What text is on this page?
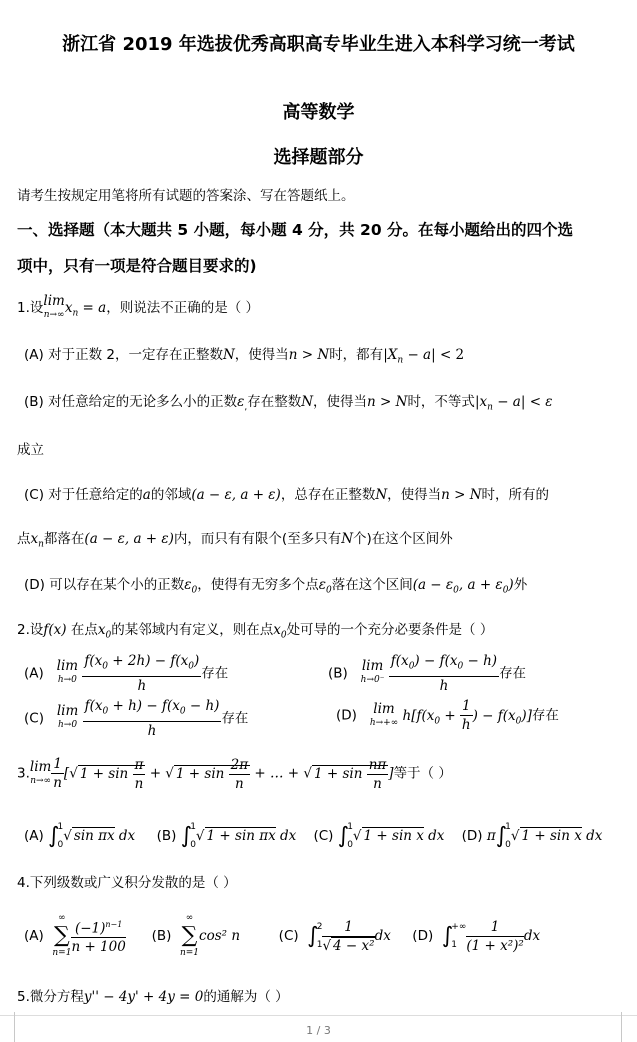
浙江省 2019 年选拔优秀高职高专毕业生进入本科学习统一考试
高等数学
选择题部分
请考生按规定用笔将所有试题的答案涂、写在答题纸上。
一、选择题（本大题共 5 小题，每小题 4 分，共 20 分。在每小题给出的四个选
项中，只有一项是符合题目要求的)
1.设lim
n→∞ $x_n = a$，则说法不正确的是（ ）
(A) 对于正数 2，一定存在正整数N，使得当n > N时，都有$|X_n - a| < 2$
(B) 对任意给定的无论多么小的正数$\varepsilon_,$存在整数N，使得当n > N时，不等式$|x_n - a| < \varepsilon$
成立
(C) 对于任意给定的a的邻域(a − ε, a + ε)，总存在正整数N，使得当n > N时，所有的
点$x_n$都落在(a − ε, a + ε)内，而只有有限个(至多只有N个)在这个区间外
(D) 可以存在某个小的正数$\varepsilon_0$，使得有无穷多个点$\varepsilon_0$落在这个区间($a - \varepsilon_0$, $a + \varepsilon_0$)外
2.设f(x) 在点$x_0$的某邻域内有定义，则在点$x_0$处可导的一个充分必要条件是（ ）
(A) lim
h→0
$\frac{f(x_0 + 2h) - f(x_0)}{h}$ 存在	(B) lim
h→0⁻
$\frac{f(x_0) - f(x_0 - h)}{h}$ 存在
(C) lim
h→0
$\frac{f(x_0 + h) - f(x_0 - h)}{h}$ 存在	(D) lim
h→+∞ $h[f(x_0 + \frac{1}{h}$ ) − $f(x_0)$]存在
3.lim
$n\to\infty \frac{1}{n}$ [√ $1 + \sin \frac{\pi}{n}$ + √ $1 + \sin \frac{2\pi}{n}$ + … + √ $1 + \sin \frac{n\pi}{n}$ ]等于（ ）
(A) ∫
1
0
√ sin πx dx (B) ∫
1
0
√ 1 + sin πx dx (C) ∫
1
0
√ 1 + sin x dx (D) π∫
1
0
√ 1 + sin x dx
4.下列级数或广义积分发散的是（ ）
(A)
∞
∑
$n=1 \frac{(-1)^{n-1}}{n + 100} (B)$
∞
∑
n=1
cos² n	(C) ∫
2
$1 \frac{1}{\text{√ 4 − x²}}$ dx (D) ∫
+∞
$1 \frac{1}{\text{(1 + x²)²}}$ dx
5.微分方程y'' − 4y' + 4y = 0的通解为（ ）
1 / 3
